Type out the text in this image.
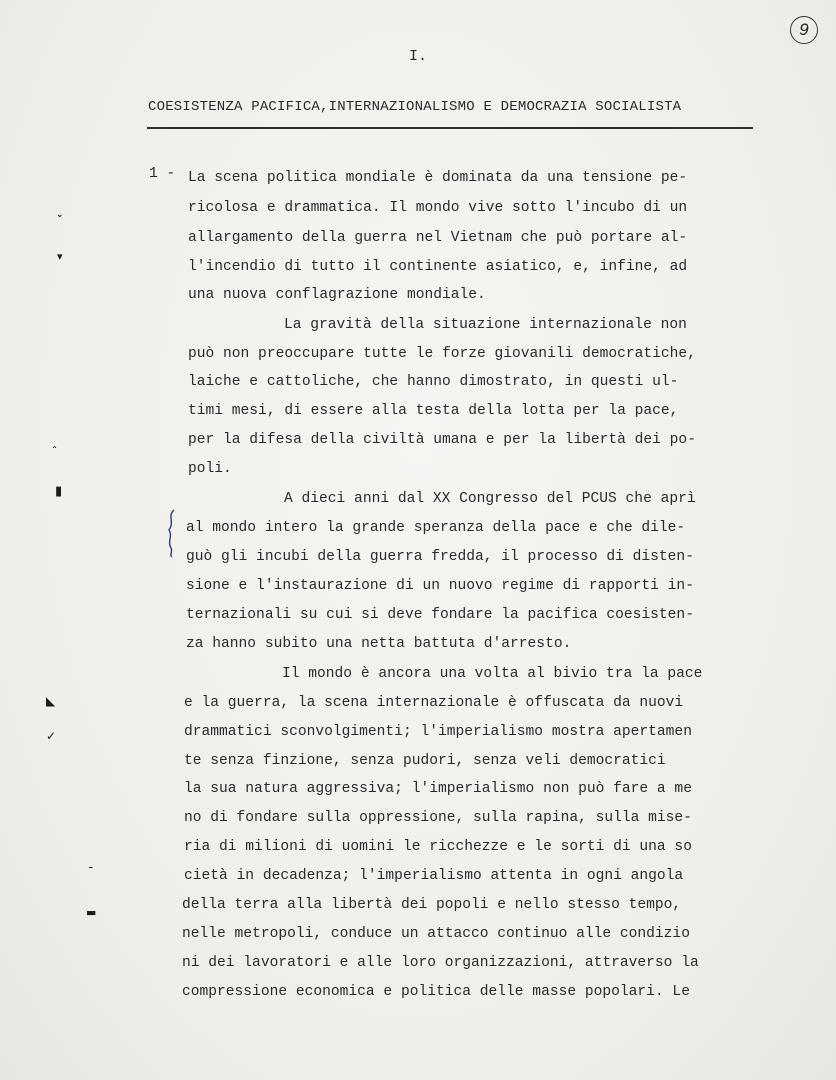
9
I.
COESISTENZA PACIFICA,INTERNAZIONALISMO E DEMOCRAZIA SOCIALISTA
1 - La scena politica mondiale è dominata da una tensione pe-
ricolosa e drammatica. Il mondo vive sotto l'incubo di un
allargamento della guerra nel Vietnam che può portare al-
l'incendio di tutto il continente asiatico, e, infine, ad
una nuova conflagrazione mondiale.
La gravità della situazione internazionale non
può non preoccupare tutte le forze giovanili democratiche,
laiche e cattoliche, che hanno dimostrato, in questi ul-
timi mesi, di essere alla testa della lotta per la pace,
per la difesa della civiltà umana e per la libertà dei po-
poli.
A dieci anni dal XX Congresso del PCUS che aprì
al mondo intero la grande speranza della pace e che dile-
guò gli incubi della guerra fredda, il processo di disten-
sione e l'instaurazione di un nuovo regime di rapporti in-
ternazionali su cui si deve fondare la pacifica coesisten-
za hanno subito una netta battuta d'arresto.
Il mondo è ancora una volta al bivio tra la pace
e la guerra, la scena internazionale è offuscata da nuovi
drammatici sconvolgimenti; l'imperialismo mostra apertamen
te senza finzione, senza pudori, senza veli democratici
la sua natura aggressiva; l'imperialismo non può fare a me
no di fondare sulla oppressione, sulla rapina, sulla mise-
ria di milioni di uomini le ricchezze e le sorti di una so
cietà in decadenza; l'imperialismo attenta in ogni angola
della terra alla libertà dei popoli e nello stesso tempo,
nelle metropoli, conduce un attacco continuo alle condizio
ni dei lavoratori e alle loro organizzazioni, attraverso la
compressione economica e politica delle masse popolari. Le
⌄
▾
ˆ
▮
◣
✓
ˉ
▬
